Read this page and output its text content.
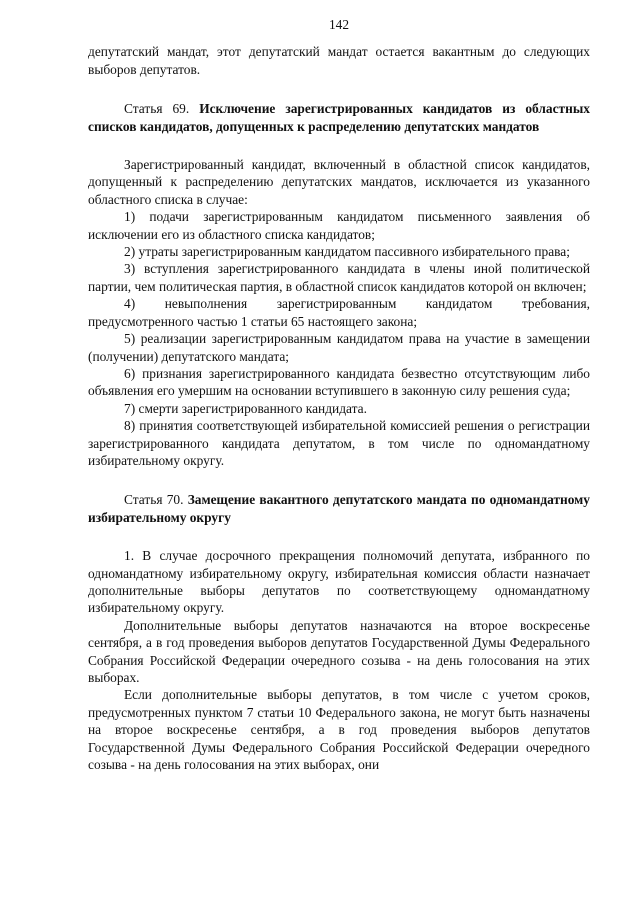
142

депутатский мандат, этот депутатский мандат остается вакантным до следующих выборов депутатов.

Статья 69. Исключение зарегистрированных кандидатов из областных списков кандидатов, допущенных к распределению депутатских мандатов

Зарегистрированный кандидат, включенный в областной список кандидатов, допущенный к распределению депутатских мандатов, исключается из указанного областного списка в случае:

1) подачи зарегистрированным кандидатом письменного заявления об исключении его из областного списка кандидатов;

2) утраты зарегистрированным кандидатом пассивного избирательного права;

3) вступления зарегистрированного кандидата в члены иной политической партии, чем политическая партия, в областной список кандидатов которой он включен;

4) невыполнения зарегистрированным кандидатом требования, предусмотренного частью 1 статьи 65 настоящего закона;

5) реализации зарегистрированным кандидатом права на участие в замещении (получении) депутатского мандата;

6) признания зарегистрированного кандидата безвестно отсутствующим либо объявления его умершим на основании вступившего в законную силу решения суда;

7) смерти зарегистрированного кандидата.

8) принятия соответствующей избирательной комиссией решения о регистрации зарегистрированного кандидата депутатом, в том числе по одномандатному избирательному округу.

Статья 70. Замещение вакантного депутатского мандата по одномандатному избирательному округу

1. В случае досрочного прекращения полномочий депутата, избранного по одномандатному избирательному округу, избирательная комиссия области назначает дополнительные выборы депутатов по соответствующему одномандатному избирательному округу.

Дополнительные выборы депутатов назначаются на второе воскресенье сентября, а в год проведения выборов депутатов Государственной Думы Федерального Собрания Российской Федерации очередного созыва - на день голосования на этих выборах.

Если дополнительные выборы депутатов, в том числе с учетом сроков, предусмотренных пунктом 7 статьи 10 Федерального закона, не могут быть назначены на второе воскресенье сентября, а в год проведения выборов депутатов Государственной Думы Федерального Собрания Российской Федерации очередного созыва - на день голосования на этих выборах, они
